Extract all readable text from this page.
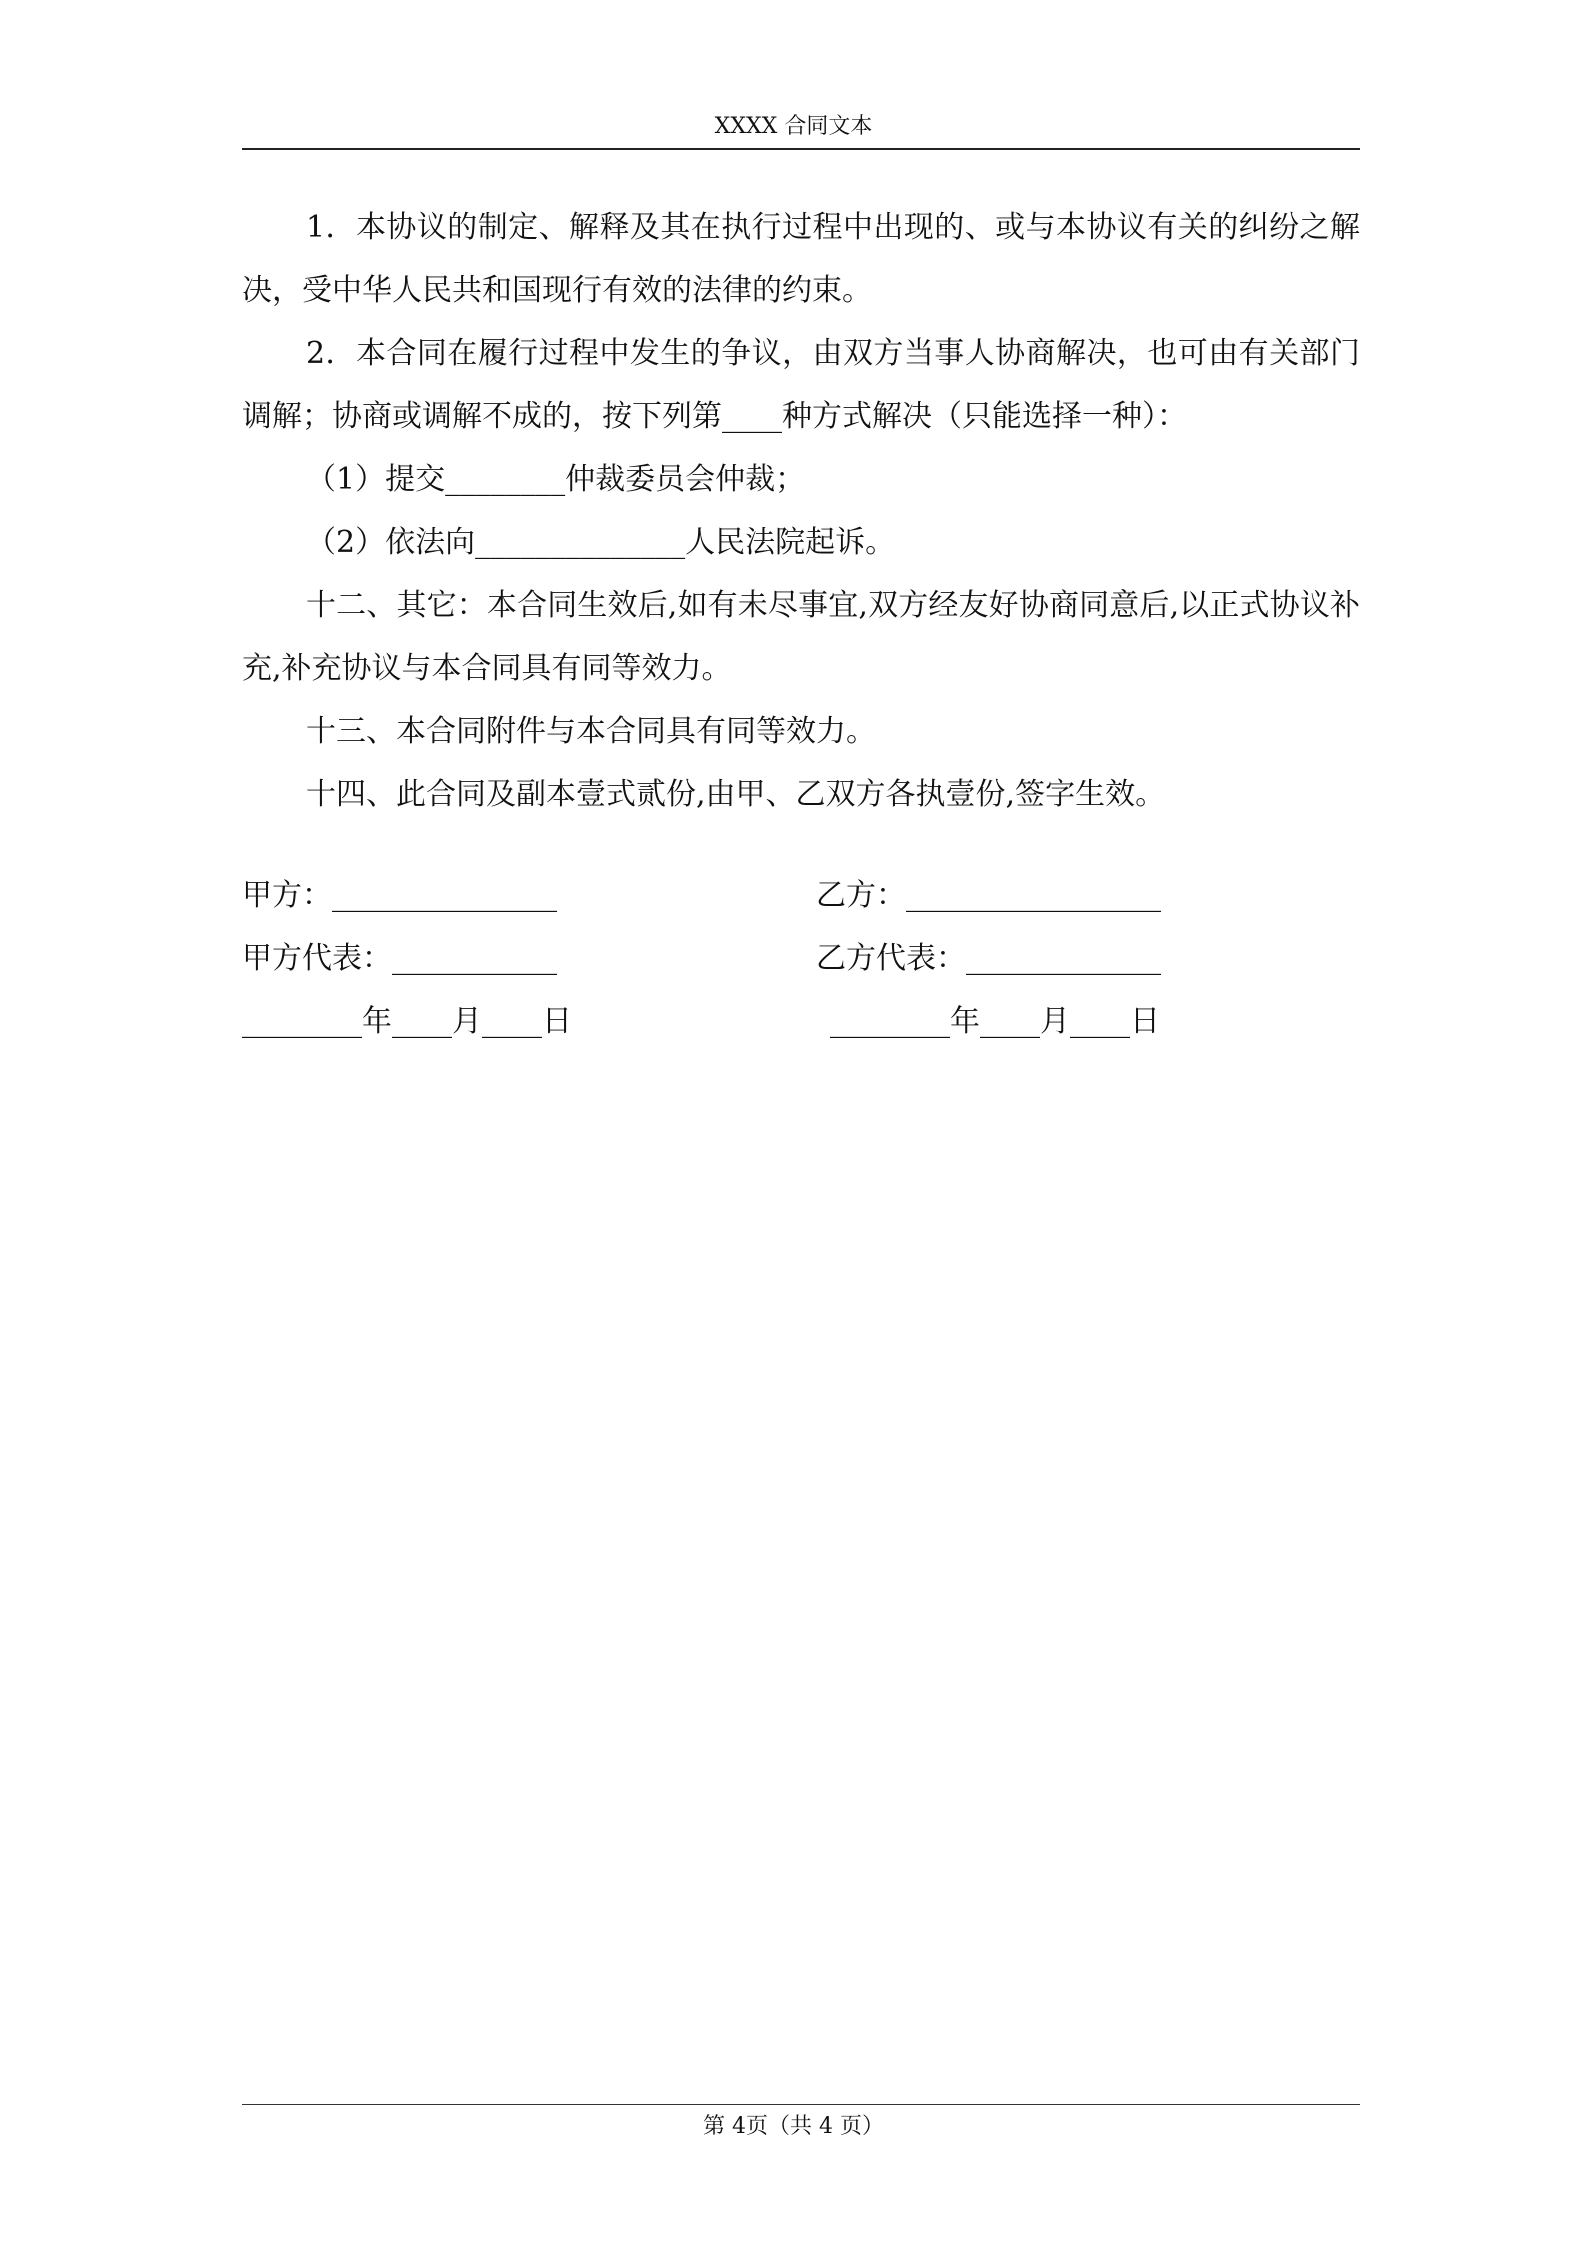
XXXX 合同文本

1．本协议的制定、解释及其在执行过程中出现的、或与本协议有关的纠纷之解决，受中华人民共和国现行有效的法律的约束。

2．本合同在履行过程中发生的争议，由双方当事人协商解决，也可由有关部门调解；协商或调解不成的，按下列第____种方式解决（只能选择一种）：

（1）提交________仲裁委员会仲裁；

（2）依法向______________人民法院起诉。

十二、其它：本合同生效后,如有未尽事宜,双方经友好协商同意后,以正式协议补充,补充协议与本合同具有同等效力。

十三、本合同附件与本合同具有同等效力。

十四、此合同及副本壹式贰份,由甲、乙双方各执壹份,签字生效。

甲方：_______________	乙方：_________________
甲方代表：___________	乙方代表：_____________
________年____月____日	________年____月____日
第 4页（共 4 页）
